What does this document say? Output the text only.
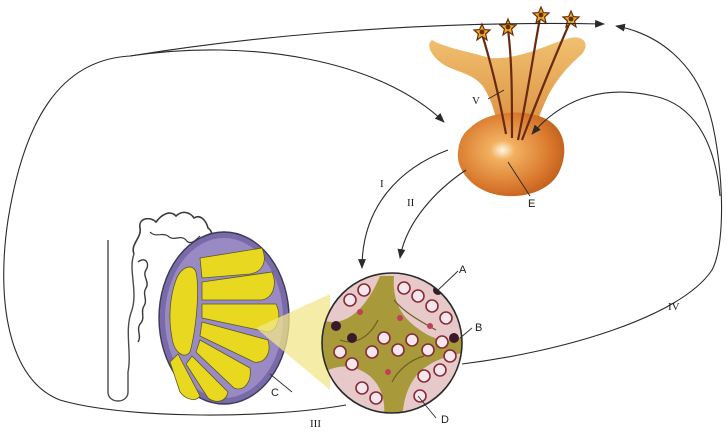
A
B
C
D
E
I
II
III
IV
V
